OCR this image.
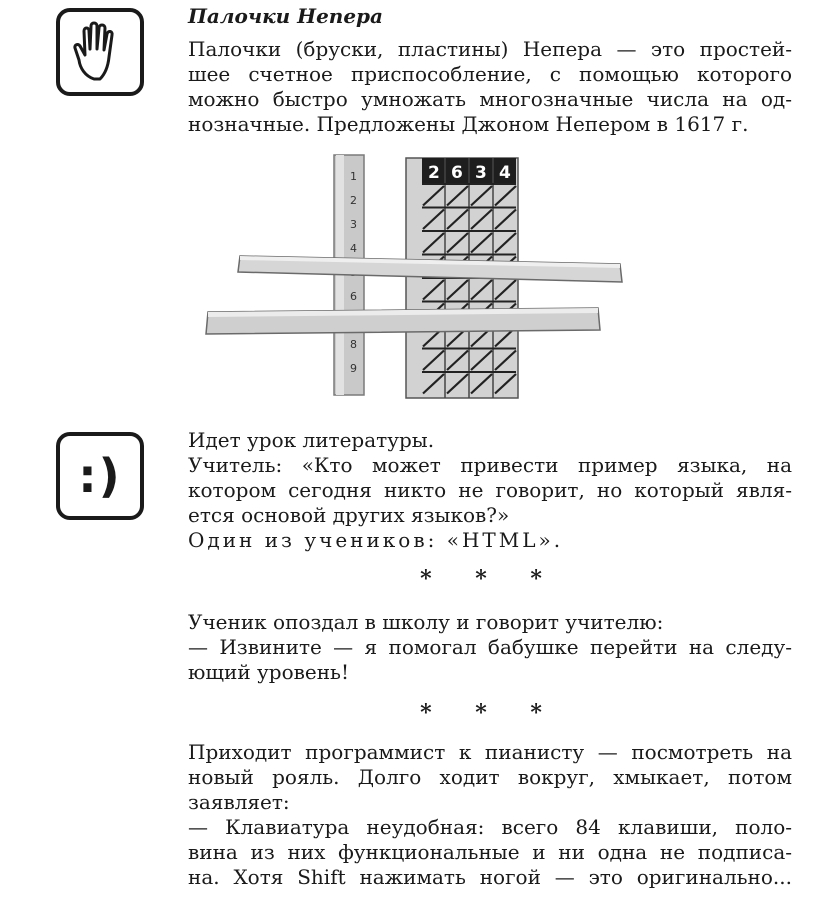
Палочки Непера
Палочки (бруски, пластины) Непера — это простей-
шее счетное приспособление, с помощью которого
можно быстро умножать многозначные числа на од-
нозначные. Предложены Джоном Непером в 1617 г.
1
2
3
4
6
8
9
2 6 3 4
:)
Идет урок литературы.
Учитель: «Кто может привести пример языка, на
котором сегодня никто не говорит, но который явля-
ется основой других языков?»
Один из учеников: «HTML».

* * *

Ученик опоздал в школу и говорит учителю:
— Извините — я помогал бабушке перейти на следу-
ющий уровень!

* * *

Приходит программист к пианисту — посмотреть на
новый рояль. Долго ходит вокруг, хмыкает, потом
заявляет:
— Клавиатура неудобная: всего 84 клавиши, поло-
вина из них функциональные и ни одна не подписа-
на. Хотя Shift нажимать ногой — это оригинально...
